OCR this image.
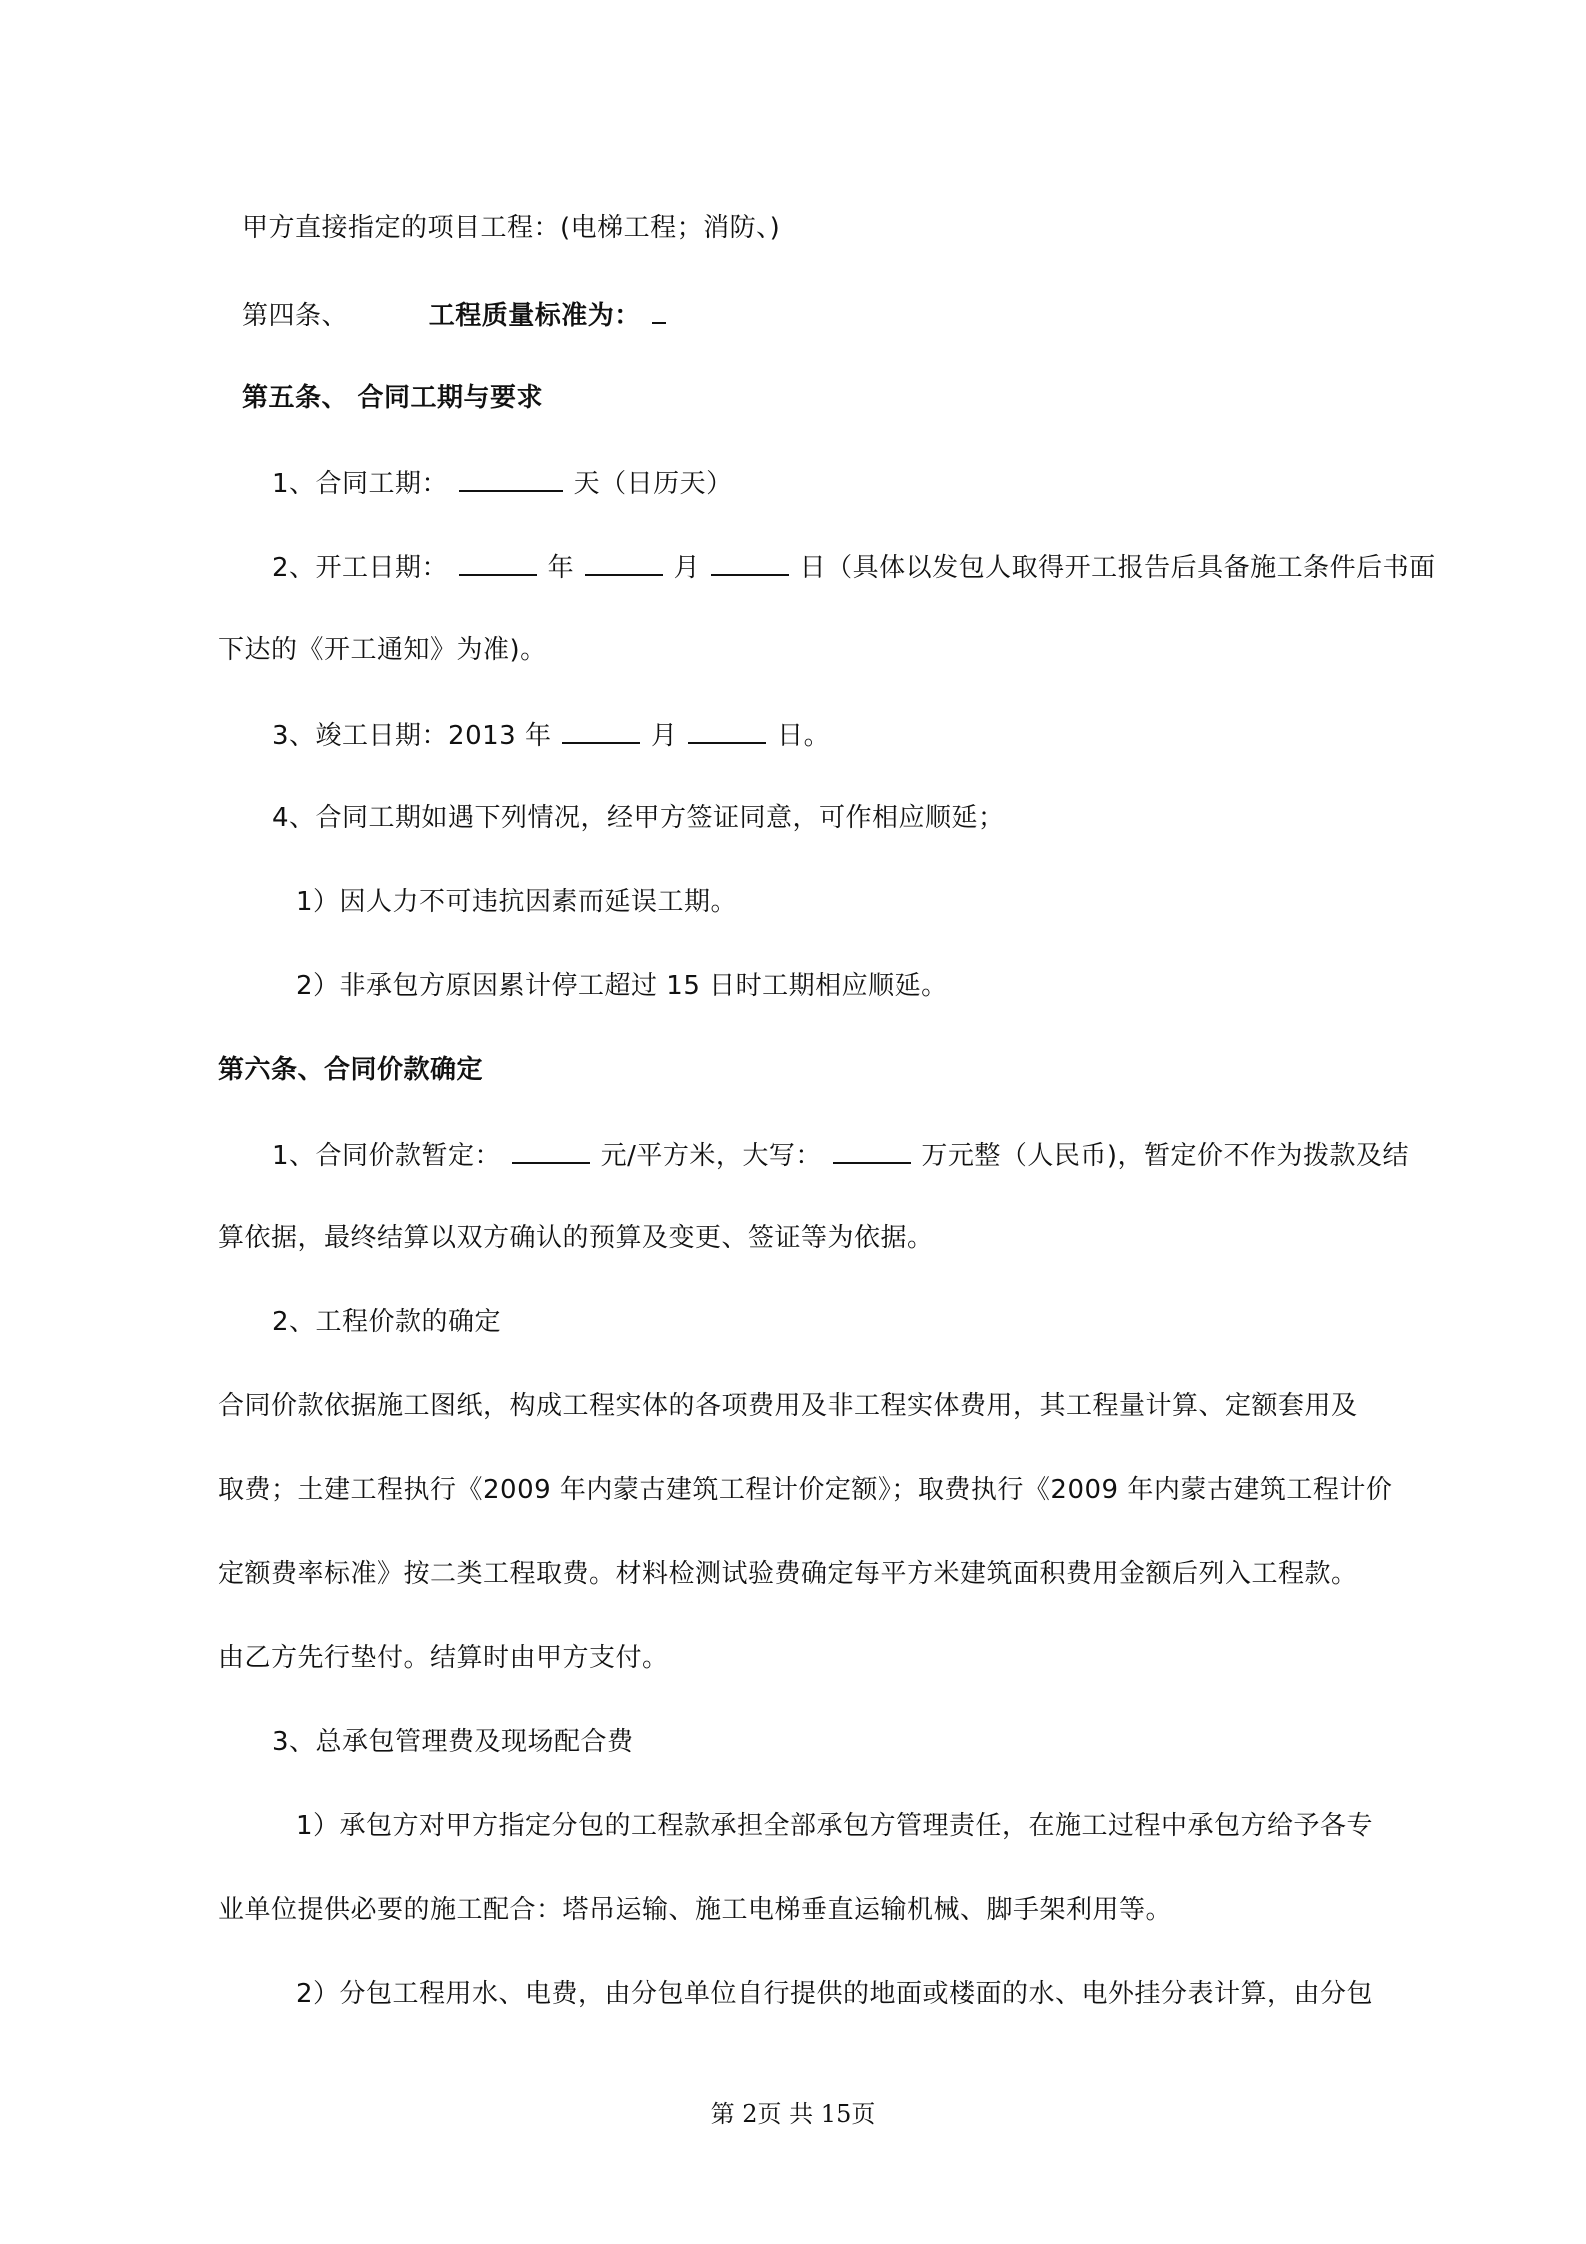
甲方直接指定的项目工程：(电梯工程；消防、)
第四条、	工程质量标准为：
第五条、 合同工期与要求
1、合同工期：	天（日历天）
2、开工日期：	年	月	日（具体以发包人取得开工报告后具备施工条件后书面
下达的《开工通知》为准)。
3、竣工日期：2013 年	月	日。
4、合同工期如遇下列情况，经甲方签证同意，可作相应顺延；
1）因人力不可违抗因素而延误工期。
2）非承包方原因累计停工超过 15 日时工期相应顺延。
第六条、合同价款确定
1、合同价款暂定：	元/平方米，大写：	万元整（人民币)，暂定价不作为拨款及结
算依据，最终结算以双方确认的预算及变更、签证等为依据。
2、工程价款的确定
合同价款依据施工图纸，构成工程实体的各项费用及非工程实体费用，其工程量计算、定额套用及
取费；土建工程执行《2009 年内蒙古建筑工程计价定额》；取费执行《2009 年内蒙古建筑工程计价
定额费率标准》按二类工程取费。材料检测试验费确定每平方米建筑面积费用金额后列入工程款。
由乙方先行垫付。结算时由甲方支付。
3、总承包管理费及现场配合费
1）承包方对甲方指定分包的工程款承担全部承包方管理责任，在施工过程中承包方给予各专
业单位提供必要的施工配合：塔吊运输、施工电梯垂直运输机械、脚手架利用等。
2）分包工程用水、电费，由分包单位自行提供的地面或楼面的水、电外挂分表计算，由分包
第 2页 共 15页
